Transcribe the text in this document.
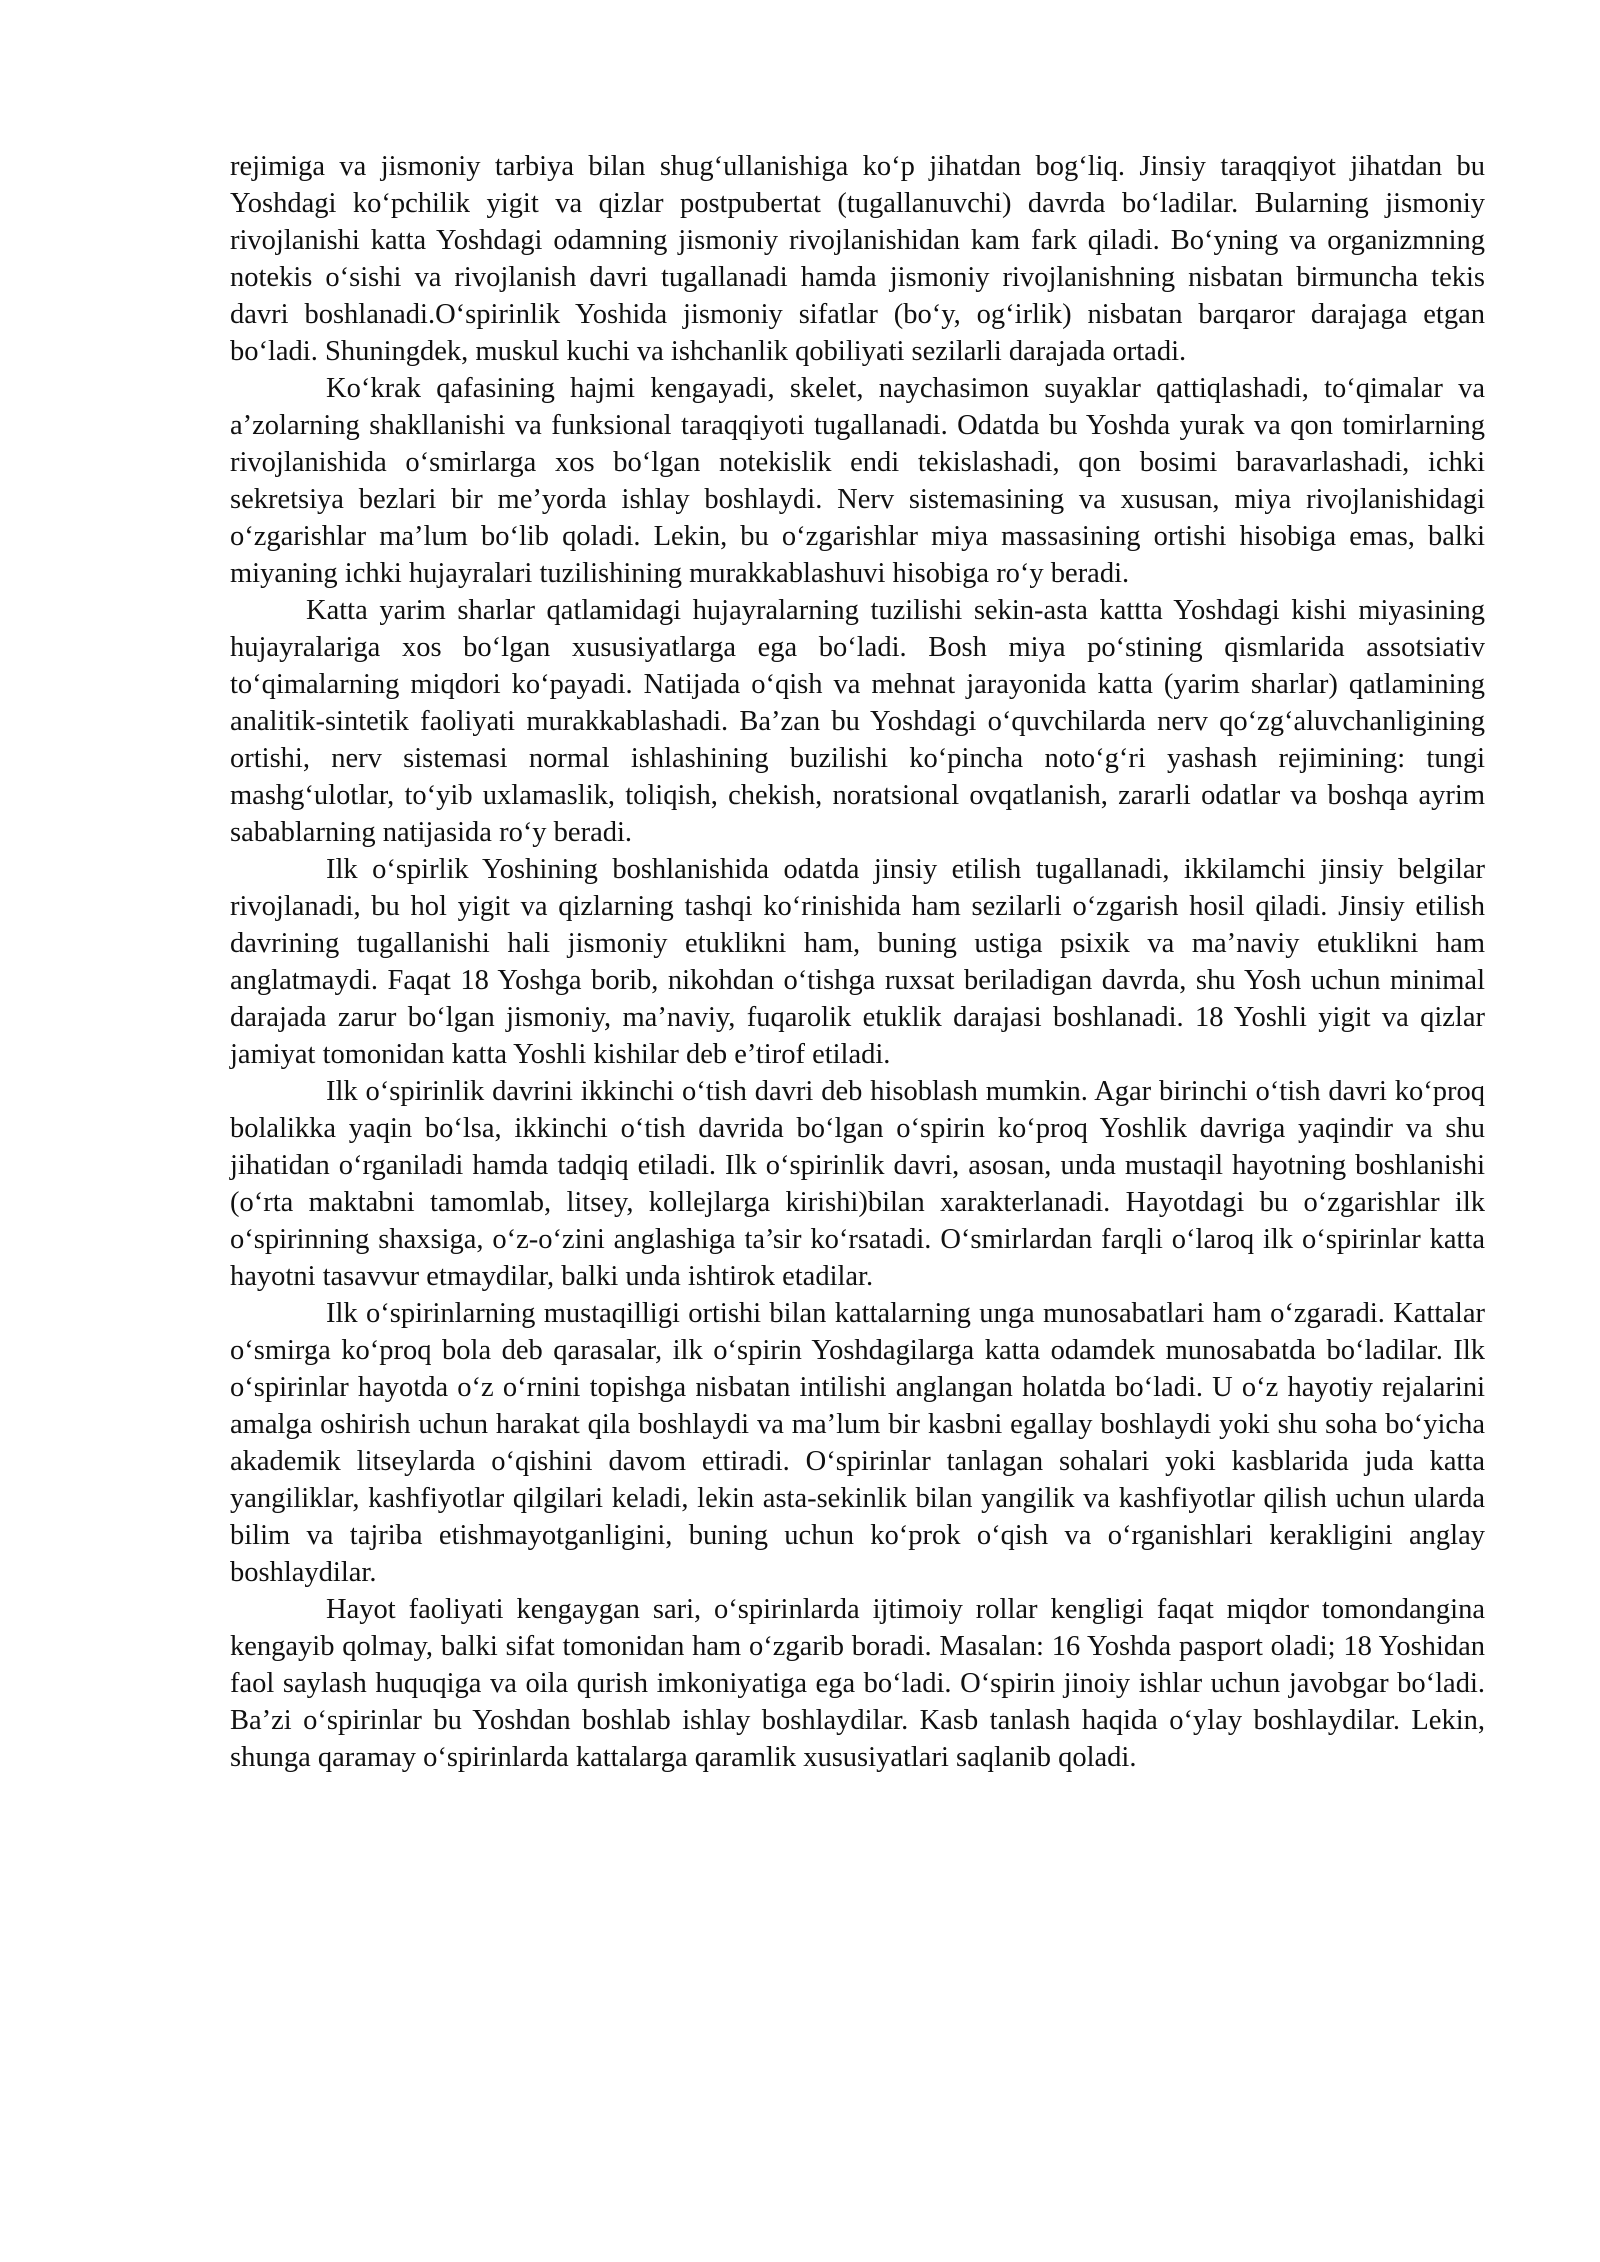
rejimiga va jismoniy tarbiya bilan shug‘ullanishiga ko‘p jihatdan bog‘liq. Jinsiy taraqqiyot jihatdan bu Yoshdagi ko‘pchilik yigit va qizlar postpubertat (tugallanuvchi) davrda bo‘ladilar. Bularning jismoniy rivojlanishi katta Yoshdagi odamning jismoniy rivojlanishidan kam fark qiladi. Bo‘yning va organizmning notekis o‘sishi va rivojlanish davri tugallanadi hamda jismoniy rivojlanishning nisbatan birmuncha tekis davri boshlanadi.O‘spirinlik Yoshida jismoniy sifatlar (bo‘y, og‘irlik) nisbatan barqaror darajaga etgan bo‘ladi. Shuningdek, muskul kuchi va ishchanlik qobiliyati sezilarli darajada ortadi.

Ko‘krak qafasining hajmi kengayadi, skelet, naychasimon suyaklar qattiqlashadi, to‘qimalar va a’zolarning shakllanishi va funksional taraqqiyoti tugallanadi. Odatda bu Yoshda yurak va qon tomirlarning rivojlanishida o‘smirlarga xos bo‘lgan notekislik endi tekislashadi, qon bosimi baravarlashadi, ichki sekretsiya bezlari bir me’yorda ishlay boshlaydi. Nerv sistemasining va xususan, miya rivojlanishidagi o‘zgarishlar ma’lum bo‘lib qoladi. Lekin, bu o‘zgarishlar miya massasining ortishi hisobiga emas, balki miyaning ichki hujayralari tuzilishining murakkablashuvi hisobiga ro‘y beradi.

Katta yarim sharlar qatlamidagi hujayralarning tuzilishi sekin-asta kattta Yoshdagi kishi miyasining hujayralariga xos bo‘lgan xususiyatlarga ega bo‘ladi. Bosh miya po‘stining qismlarida assotsiativ to‘qimalarning miqdori ko‘payadi. Natijada o‘qish va mehnat jarayonida katta (yarim sharlar) qatlamining analitik-sintetik faoliyati murakkablashadi. Ba’zan bu Yoshdagi o‘quvchilarda nerv qo‘zg‘aluvchanligining ortishi, nerv sistemasi normal ishlashining buzilishi ko‘pincha noto‘g‘ri yashash rejimining: tungi mashg‘ulotlar, to‘yib uxlamaslik, toliqish, chekish, noratsional ovqatlanish, zararli odatlar va boshqa ayrim sabablarning natijasida ro‘y beradi.

Ilk o‘spirlik Yoshining boshlanishida odatda jinsiy etilish tugallanadi, ikkilamchi jinsiy belgilar rivojlanadi, bu hol yigit va qizlarning tashqi ko‘rinishida ham sezilarli o‘zgarish hosil qiladi. Jinsiy etilish davrining tugallanishi hali jismoniy etuklikni ham, buning ustiga psixik va ma’naviy etuklikni ham anglatmaydi. Faqat 18 Yoshga borib, nikohdan o‘tishga ruxsat beriladigan davrda, shu Yosh uchun minimal darajada zarur bo‘lgan jismoniy, ma’naviy, fuqarolik etuklik darajasi boshlanadi. 18 Yoshli yigit va qizlar jamiyat tomonidan katta Yoshli kishilar deb e’tirof etiladi.

Ilk o‘spirinlik davrini ikkinchi o‘tish davri deb hisoblash mumkin. Agar birinchi o‘tish davri ko‘proq bolalikka yaqin bo‘lsa, ikkinchi o‘tish davrida bo‘lgan o‘spirin ko‘proq Yoshlik davriga yaqindir va shu jihatidan o‘rganiladi hamda tadqiq etiladi. Ilk o‘spirinlik davri, asosan, unda mustaqil hayotning boshlanishi (o‘rta maktabni tamomlab, litsey, kollejlarga kirishi)bilan xarakterlanadi. Hayotdagi bu o‘zgarishlar ilk o‘spirinning shaxsiga, o‘z-o‘zini anglashiga ta’sir ko‘rsatadi. O‘smirlardan farqli o‘laroq ilk o‘spirinlar katta hayotni tasavvur etmaydilar, balki unda ishtirok etadilar.

Ilk o‘spirinlarning mustaqilligi ortishi bilan kattalarning unga munosabatlari ham o‘zgaradi. Kattalar o‘smirga ko‘proq bola deb qarasalar, ilk o‘spirin Yoshdagilarga katta odamdek munosabatda bo‘ladilar. Ilk o‘spirinlar hayotda o‘z o‘rnini topishga nisbatan intilishi anglangan holatda bo‘ladi. U o‘z hayotiy rejalarini amalga oshirish uchun harakat qila boshlaydi va ma’lum bir kasbni egallay boshlaydi yoki shu soha bo‘yicha akademik litseylarda o‘qishini davom ettiradi. O‘spirinlar tanlagan sohalari yoki kasblarida juda katta yangiliklar, kashfiyotlar qilgilari keladi, lekin asta-sekinlik bilan yangilik va kashfiyotlar qilish uchun ularda bilim va tajriba etishmayotganligini, buning uchun ko‘prok o‘qish va o‘rganishlari kerakligini anglay boshlaydilar.

Hayot faoliyati kengaygan sari, o‘spirinlarda ijtimoiy rollar kengligi faqat miqdor tomondangina kengayib qolmay, balki sifat tomonidan ham o‘zgarib boradi. Masalan: 16 Yoshda pasport oladi; 18 Yoshidan faol saylash huquqiga va oila qurish imkoniyatiga ega bo‘ladi. O‘spirin jinoiy ishlar uchun javobgar bo‘ladi. Ba’zi o‘spirinlar bu Yoshdan boshlab ishlay boshlaydilar. Kasb tanlash haqida o‘ylay boshlaydilar. Lekin, shunga qaramay o‘spirinlarda kattalarga qaramlik xususiyatlari saqlanib qoladi.
